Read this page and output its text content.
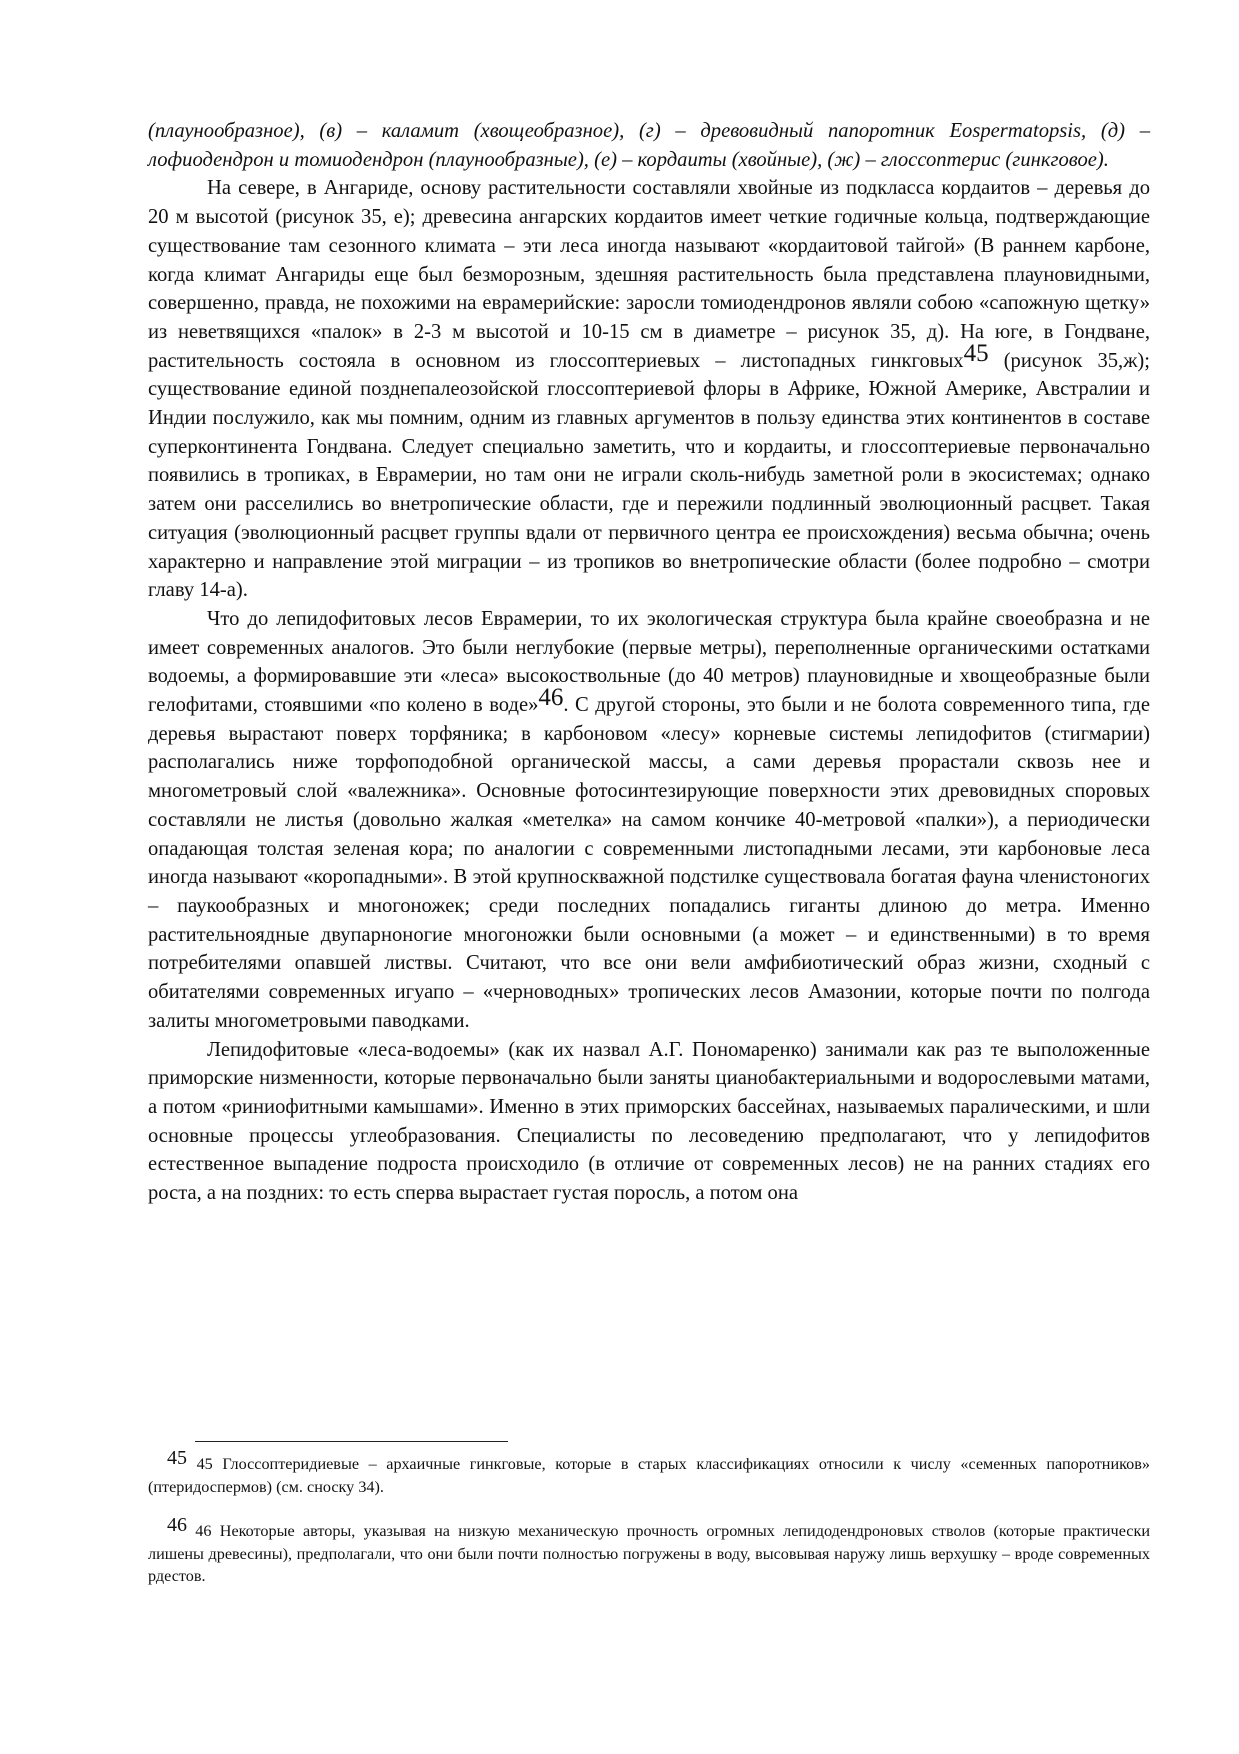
(плаунообразное), (в) – каламит (хвощеобразное), (г) – древовидный папоротник Eospermatopsis, (д) – лофиодендрон и томиодендрон (плаунообразные), (е) – кордаиты (хвойные), (ж) – глоссоптерис (гинкговое).

На севере, в Ангариде, основу растительности составляли хвойные из подкласса кордаитов – деревья до 20 м высотой (рисунок 35, е); древесина ангарских кордаитов имеет четкие годичные кольца, подтверждающие существование там сезонного климата – эти леса иногда называют «кордаитовой тайгой» (В раннем карбоне, когда климат Ангариды еще был безморозным, здешняя растительность была представлена плауновидными, совершенно, правда, не похожими на еврамерийские: заросли томиодендронов являли собою «сапожную щетку» из неветвящихся «палок» в 2-3 м высотой и 10-15 см в диаметре – рисунок 35, д). На юге, в Гондване, растительность состояла в основном из глоссоптериевых – листопадных гинкговых45 (рисунок 35,ж); существование единой позднепалеозойской глоссоптериевой флоры в Африке, Южной Америке, Австралии и Индии послужило, как мы помним, одним из главных аргументов в пользу единства этих континентов в составе суперконтинента Гондвана. Следует специально заметить, что и кордаиты, и глоссоптериевые первоначально появились в тропиках, в Еврамерии, но там они не играли сколь-нибудь заметной роли в экосистемах; однако затем они расселились во внетропические области, где и пережили подлинный эволюционный расцвет. Такая ситуация (эволюционный расцвет группы вдали от первичного центра ее происхождения) весьма обычна; очень характерно и направление этой миграции – из тропиков во внетропические области (более подробно – смотри главу 14-а).

Что до лепидофитовых лесов Еврамерии, то их экологическая структура была крайне своеобразна и не имеет современных аналогов. Это были неглубокие (первые метры), переполненные органическими остатками водоемы, а формировавшие эти «леса» высокоствольные (до 40 метров) плауновидные и хвощеобразные были гелофитами, стоявшими «по колено в воде»46. С другой стороны, это были и не болота современного типа, где деревья вырастают поверх торфяника; в карбоновом «лесу» корневые системы лепидофитов (стигмарии) располагались ниже торфоподобной органической массы, а сами деревья прорастали сквозь нее и многометровый слой «валежника». Основные фотосинтезирующие поверхности этих древовидных споровых составляли не листья (довольно жалкая «метелка» на самом кончике 40-метровой «палки»), а периодически опадающая толстая зеленая кора; по аналогии с современными листопадными лесами, эти карбоновые леса иногда называют «коропадными». В этой крупноскважной подстилке существовала богатая фауна членистоногих – паукообразных и многоножек; среди последних попадались гиганты длиною до метра. Именно растительноядные двупарноногие многоножки были основными (а может – и единственными) в то время потребителями опавшей листвы. Считают, что все они вели амфибиотический образ жизни, сходный с обитателями современных игуапо – «черноводных» тропических лесов Амазонии, которые почти по полгода залиты многометровыми паводками.

Лепидофитовые «леса-водоемы» (как их назвал А.Г. Пономаренко) занимали как раз те выположенные приморские низменности, которые первоначально были заняты цианобактериальными и водорослевыми матами, а потом «риниофитными камышами». Именно в этих приморских бассейнах, называемых паралическими, и шли основные процессы углеобразования. Специалисты по лесоведению предполагают, что у лепидофитов естественное выпадение подроста происходило (в отличие от современных лесов) не на ранних стадиях его роста, а на поздних: то есть сперва вырастает густая поросль, а потом она

45 45 Глоссоптеридиевые – архаичные гинкговые, которые в старых классификациях относили к числу «семенных папоротников» (птеридоспермов) (см. сноску 34).

46 46 Некоторые авторы, указывая на низкую механическую прочность огромных лепидодендроновых стволов (которые практически лишены древесины), предполагали, что они были почти полностью погружены в воду, высовывая наружу лишь верхушку – вроде современных рдестов.
